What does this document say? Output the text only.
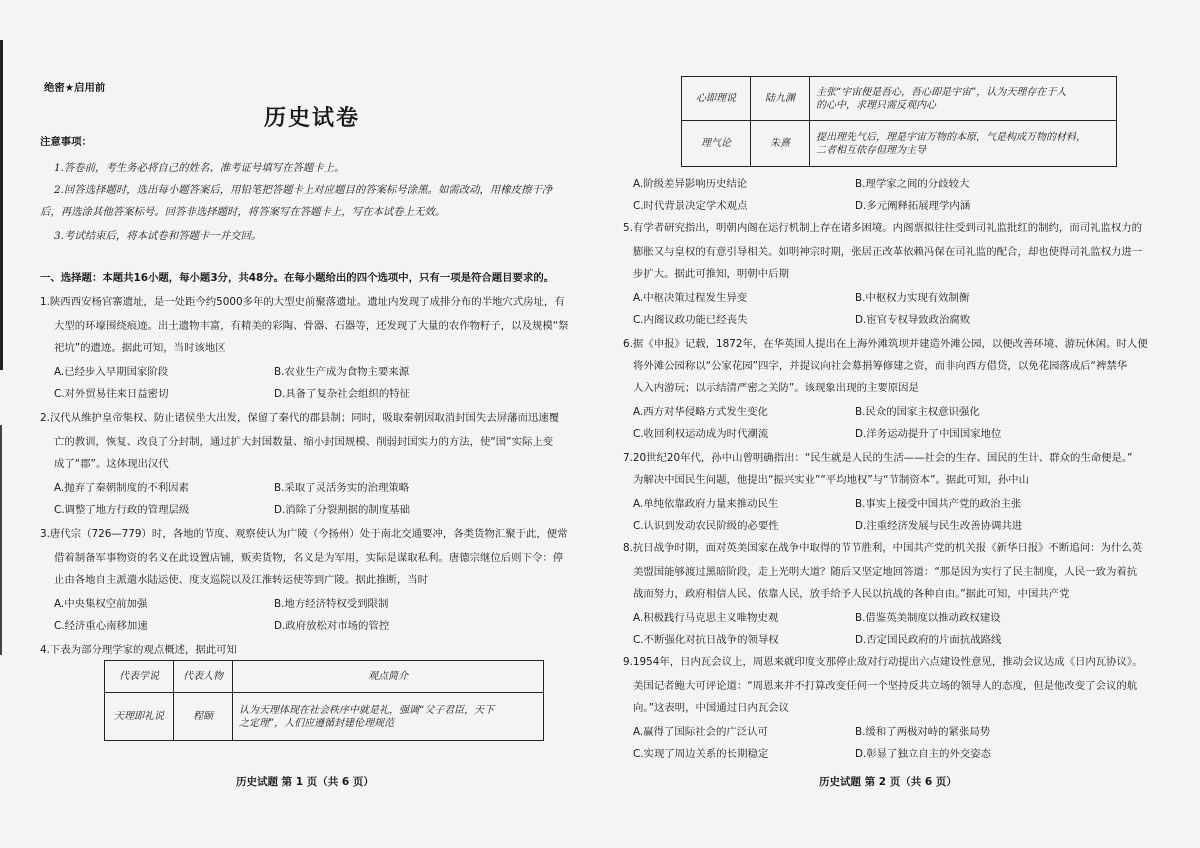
绝密★启用前
历史试卷
注意事项：
1.答卷前，考生务必将自己的姓名、准考证号填写在答题卡上。
2.回答选择题时，选出每小题答案后，用铅笔把答题卡上对应题目的答案标号涂黑。如需改动，用橡皮擦干净
后，再选涂其他答案标号。回答非选择题时，将答案写在答题卡上，写在本试卷上无效。
3.考试结束后，将本试卷和答题卡一并交回。
一、选择题：本题共16小题，每小题3分，共48分。在每小题给出的四个选项中，只有一项是符合题目要求的。
1.陕西西安杨官寨遗址，是一处距今约5000多年的大型史前聚落遗址。遗址内发现了成排分布的半地穴式房址，有
大型的环壕围绕痕迹。出土遗物丰富，有精美的彩陶、骨器、石器等，还发现了大量的农作物籽子，以及规模“祭
祀坑”的遗迹。据此可知，当时该地区
A.已经步入早期国家阶段	B.农业生产成为食物主要来源
C.对外贸易往来日益密切	D.具备了复杂社会组织的特征
2.汉代从维护皇帝集权、防止诸侯坐大出发，保留了秦代的郡县制；同时，吸取秦朝因取消封国失去屏藩而迅速覆
亡的教训，恢复、改良了分封制，通过扩大封国数量、缩小封国规模、削弱封国实力的方法，使“国”实际上变
成了“郡”。这体现出汉代
A.抛弃了秦朝制度的不利因素	B.采取了灵活务实的治理策略
C.调整了地方行政的管理层级	D.消除了分裂割据的制度基础
3.唐代宗（726—779）时，各地的节度、观察使认为广陵（今扬州）处于南北交通要冲，各类货物汇聚于此，便常
借着制备军事物资的名义在此设置店铺，贩卖货物，名义是为军用，实际是谋取私利。唐德宗继位后则下令：停
止由各地自主派遣水陆运使、度支巡院以及江淮转运使等到广陵。据此推断，当时
A.中央集权空前加强	B.地方经济特权受到限制
C.经济重心南移加速	D.政府放松对市场的管控
4.下表为部分理学家的观点概述，据此可知
代表学说	代表人物	观点简介
天理即礼说	程颐	认为天理体现在社会秩序中就是礼，强调“父子君臣，天下
之定理”，人们应遵循封建伦理规范
历史试题 第 1 页（共 6 页）
心即理说	陆九渊	主张“宇宙便是吾心，吾心即是宇宙”，认为天理存在于人
的心中，求理只需反观内心
理气论	朱熹	提出理先气后，理是宇宙万物的本原，气是构成万物的材料，
二者相互依存但理为主导
A.阶级差异影响历史结论	B.理学家之间的分歧较大
C.时代背景决定学术观点	D.多元阐释拓展理学内涵
5.有学者研究指出，明朝内阁在运行机制上存在诸多困境。内阁票拟往往受到司礼监批红的制约，而司礼监权力的
膨胀又与皇权的有意引导相关。如明神宗时期，张居正改革依赖冯保在司礼监的配合，却也使得司礼监权力进一
步扩大。据此可推知，明朝中后期
A.中枢决策过程发生异变	B.中枢权力实现有效制衡
C.内阁议政功能已经丧失	D.宦官专权导致政治腐败
6.据《申报》记载，1872年，在华英国人提出在上海外滩筑坝并建造外滩公园，以便改善环境、游玩休闲。时人便
将外滩公园称以“公家花园”四字，并提议向社会募捐筹修建之资，而非向西方借贷，以免花园落成后“裨禁华
人入内游玩；以示结清严密之关防”。该现象出现的主要原因是
A.西方对华侵略方式发生变化	B.民众的国家主权意识强化
C.收回利权运动成为时代潮流	D.洋务运动提升了中国国家地位
7.20世纪20年代，孙中山曾明确指出：“民生就是人民的生活——社会的生存、国民的生计、群众的生命便是。”
为解决中国民生问题，他提出“振兴实业”“平均地权”与“节制资本”。据此可知，孙中山
A.单纯依靠政府力量来推动民生	B.事实上接受中国共产党的政治主张
C.认识到发动农民阶级的必要性	D.注重经济发展与民生改善协调共进
8.抗日战争时期，面对英美国家在战争中取得的节节胜利，中国共产党的机关报《新华日报》不断追问：为什么英
美盟国能够渡过黑暗阶段，走上光明大道？随后又坚定地回答道：“那是因为实行了民主制度，人民一致为着抗
战而努力，政府相信人民、依靠人民，放手给予人民以抗战的各种自由。”据此可知，中国共产党
A.积极践行马克思主义唯物史观	B.借鉴英美制度以推动政权建设
C.不断强化对抗日战争的领导权	D.否定国民政府的片面抗战路线
9.1954年，日内瓦会议上，周恩来就印度支那停止敌对行动提出六点建设性意见，推动会议达成《日内瓦协议》。
美国记者鲍大可评论道：“周恩来并不打算改变任何一个坚持反共立场的领导人的态度，但是他改变了会议的航
向。”这表明，中国通过日内瓦会议
A.赢得了国际社会的广泛认可	B.缓和了两极对峙的紧张局势
C.实现了周边关系的长期稳定	D.彰显了独立自主的外交姿态
历史试题 第 2 页（共 6 页）
